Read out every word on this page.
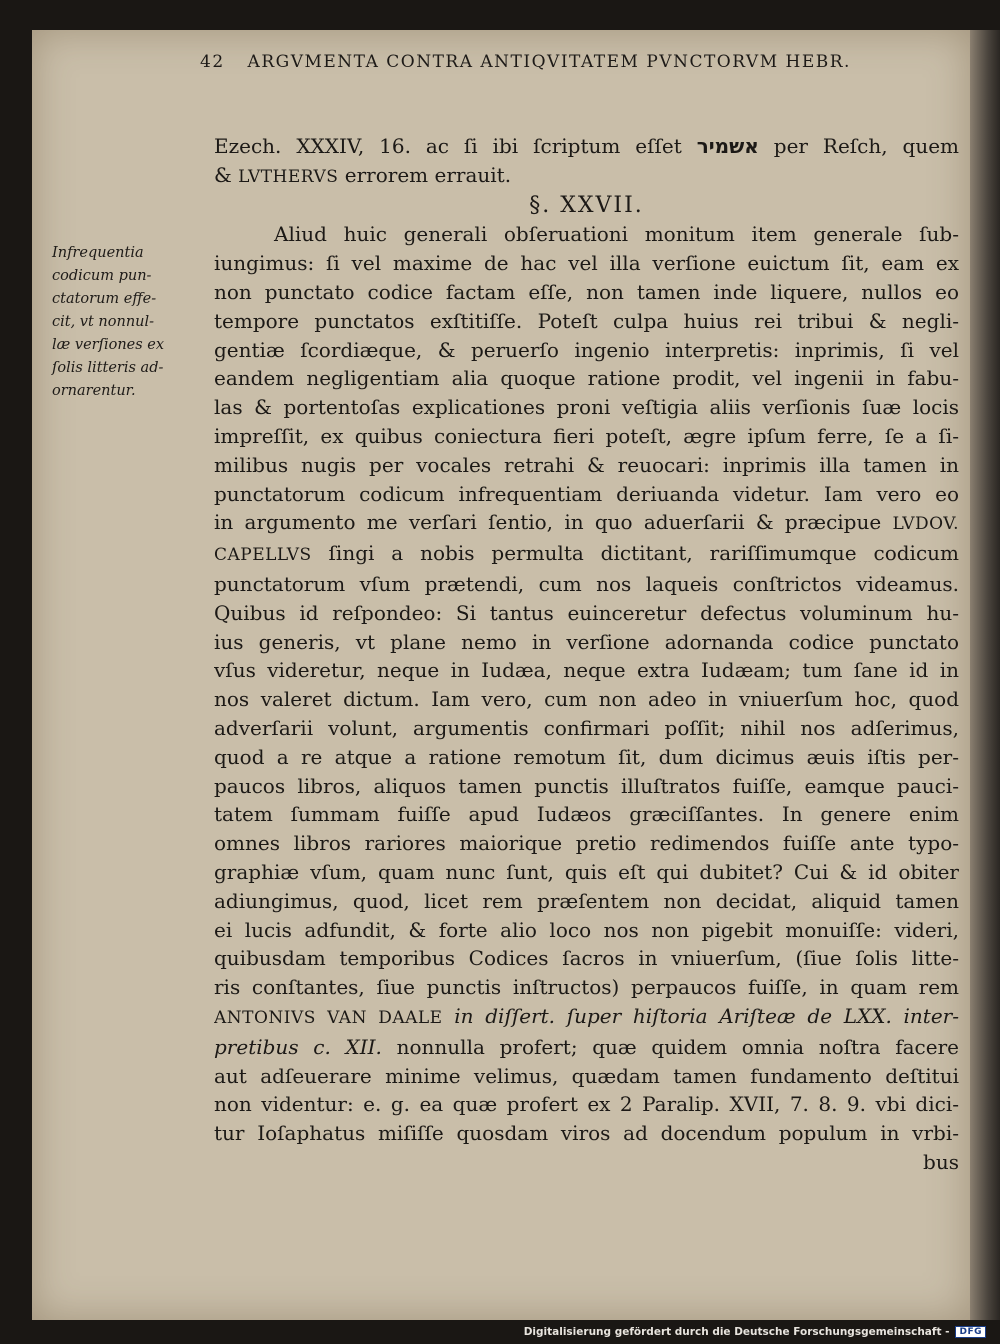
42 ARGVMENTA CONTRA ANTIQVITATEM PVNCTORVM HEBR.
Infrequentia
codicum pun-
ctatorum effe-
cit, vt nonnul-
læ verſiones ex
ſolis litteris ad-
ornarentur.
Ezech. XXXIV, 16. ac ſi ibi ſcriptum eſſet אשמיר per Reſch, quem
& LVTHERVS errorem errauit.
§. XXVII.
Aliud huic generali obſeruationi monitum item generale ſub-
iungimus: ſi vel maxime de hac vel illa verſione euictum ſit, eam ex
non punctato codice factam eſſe, non tamen inde liquere, nullos eo
tempore punctatos exſtitiſſe. Poteſt culpa huius rei tribui & negli-
gentiæ ſcordiæque, & peruerſo ingenio interpretis: inprimis, ſi vel
eandem negligentiam alia quoque ratione prodit, vel ingenii in fabu-
las & portentoſas explicationes proni veſtigia aliis verſionis ſuæ locis
impreſſit, ex quibus coniectura fieri poteſt, ægre ipſum ferre, ſe a ſi-
milibus nugis per vocales retrahi & reuocari: inprimis illa tamen in
punctatorum codicum infrequentiam deriuanda videtur. Iam vero eo
in argumento me verſari ſentio, in quo aduerſarii & præcipue LVDOV.
CAPELLVS ſingi a nobis permulta dictitant, rariſſimumque codicum
punctatorum vſum prætendi, cum nos laqueis conſtrictos videamus.
Quibus id reſpondeo: Si tantus euinceretur defectus voluminum hu-
ius generis, vt plane nemo in verſione adornanda codice punctato
vſus videretur, neque in Iudæa, neque extra Iudæam; tum ſane id in
nos valeret dictum. Iam vero, cum non adeo in vniuerſum hoc, quod
adverſarii volunt, argumentis confirmari poſſit; nihil nos adſerimus,
quod a re atque a ratione remotum ſit, dum dicimus æuis iſtis per-
paucos libros, aliquos tamen punctis illuſtratos fuiſſe, eamque pauci-
tatem ſummam fuiſſe apud Iudæos græciſſantes. In genere enim
omnes libros rariores maiorique pretio redimendos fuiſſe ante typo-
graphiæ vſum, quam nunc ſunt, quis eſt qui dubitet? Cui & id obiter
adiungimus, quod, licet rem præſentem non decidat, aliquid tamen
ei lucis adfundit, & forte alio loco nos non pigebit monuiſſe: videri,
quibusdam temporibus Codices ſacros in vniuerſum, (ſiue ſolis litte-
ris conſtantes, ſiue punctis inſtructos) perpaucos fuiſſe, in quam rem
ANTONIVS VAN DAALE in diſſert. ſuper hiſtoria Ariſteæ de LXX. inter-
pretibus c. XII. nonnulla profert; quæ quidem omnia noſtra facere
aut adſeuerare minime velimus, quædam tamen fundamento deſtitui
non videntur: e. g. ea quæ profert ex 2 Paralip. XVII, 7. 8. 9. vbi dici-
tur Ioſaphatus miſiſſe quosdam viros ad docendum populum in vrbi-
bus
Digitalisierung gefördert durch die Deutsche Forschungsgemeinschaft -	DFG
